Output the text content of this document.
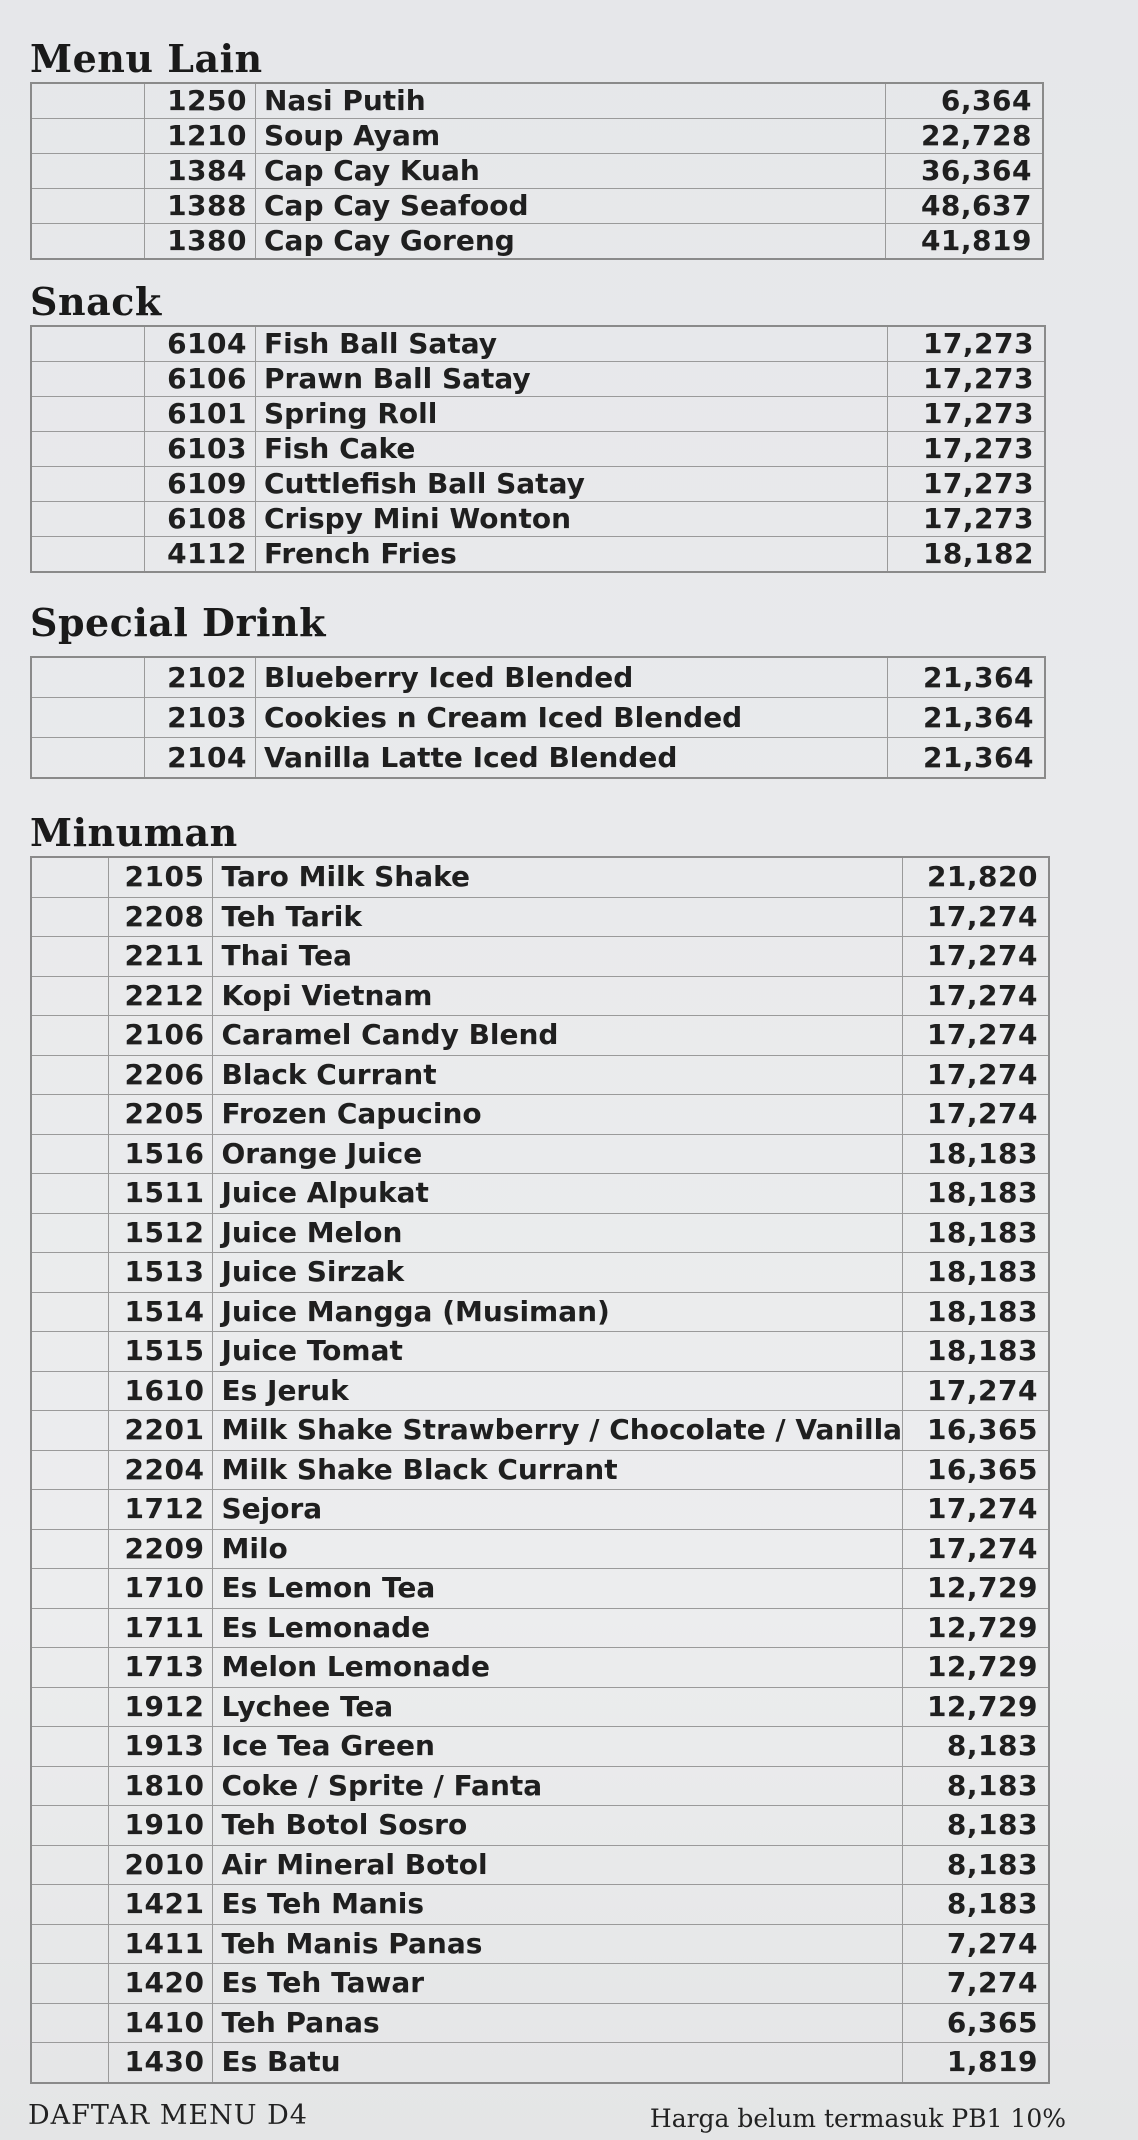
Menu Lain
	1250	Nasi Putih	6,364
	1210	Soup Ayam	22,728
	1384	Cap Cay Kuah	36,364
	1388	Cap Cay Seafood	48,637
	1380	Cap Cay Goreng	41,819
Snack
	6104	Fish Ball Satay	17,273
	6106	Prawn Ball Satay	17,273
	6101	Spring Roll	17,273
	6103	Fish Cake	17,273
	6109	Cuttlefish Ball Satay	17,273
	6108	Crispy Mini Wonton	17,273
	4112	French Fries	18,182
Special Drink
	2102	Blueberry Iced Blended	21,364
	2103	Cookies n Cream Iced Blended	21,364
	2104	Vanilla Latte Iced Blended	21,364
Minuman
	2105	Taro Milk Shake	21,820
	2208	Teh Tarik	17,274
	2211	Thai Tea	17,274
	2212	Kopi Vietnam	17,274
	2106	Caramel Candy Blend	17,274
	2206	Black Currant	17,274
	2205	Frozen Capucino	17,274
	1516	Orange Juice	18,183
	1511	Juice Alpukat	18,183
	1512	Juice Melon	18,183
	1513	Juice Sirzak	18,183
	1514	Juice Mangga (Musiman)	18,183
	1515	Juice Tomat	18,183
	1610	Es Jeruk	17,274
	2201	Milk Shake Strawberry / Chocolate / Vanilla	16,365
	2204	Milk Shake Black Currant	16,365
	1712	Sejora	17,274
	2209	Milo	17,274
	1710	Es Lemon Tea	12,729
	1711	Es Lemonade	12,729
	1713	Melon Lemonade	12,729
	1912	Lychee Tea	12,729
	1913	Ice Tea Green	8,183
	1810	Coke / Sprite / Fanta	8,183
	1910	Teh Botol Sosro	8,183
	2010	Air Mineral Botol	8,183
	1421	Es Teh Manis	8,183
	1411	Teh Manis Panas	7,274
	1420	Es Teh Tawar	7,274
	1410	Teh Panas	6,365
	1430	Es Batu	1,819
DAFTAR MENU D4	Harga belum termasuk PB1 10%
